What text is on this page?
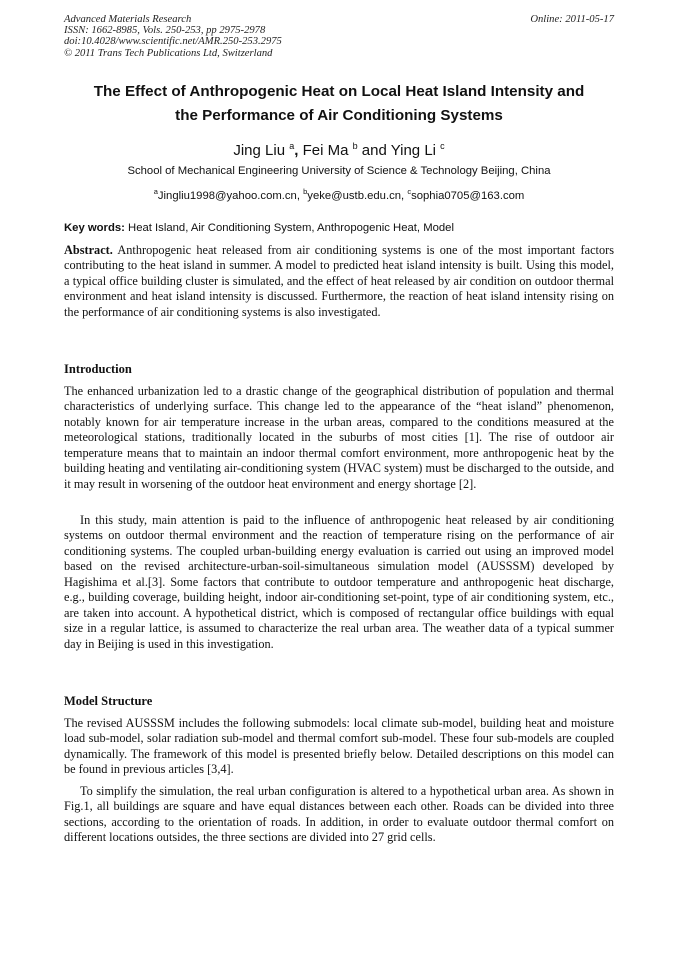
Advanced Materials Research
ISSN: 1662-8985, Vols. 250-253, pp 2975-2978
doi:10.4028/www.scientific.net/AMR.250-253.2975
© 2011 Trans Tech Publications Ltd, Switzerland
Online: 2011-05-17
The Effect of Anthropogenic Heat on Local Heat Island Intensity and
the Performance of Air Conditioning Systems
Jing Liu $^a$, Fei Ma $^b$ and Ying Li $^c$
School of Mechanical Engineering University of Science & Technology Beijing, China
$^a$Jingliu1998@yahoo.com.cn, $^b$yeke@ustb.edu.cn, $^c$sophia0705@163.com
Key words: Heat Island, Air Conditioning System, Anthropogenic Heat, Model

Abstract. Anthropogenic heat released from air conditioning systems is one of the most important factors contributing to the heat island in summer. A model to predicted heat island intensity is built. Using this model, a typical office building cluster is simulated, and the effect of heat released by air condition on outdoor thermal environment and heat island intensity is discussed. Furthermore, the reaction of heat island intensity rising on the performance of air conditioning systems is also investigated.

Introduction

The enhanced urbanization led to a drastic change of the geographical distribution of population and thermal characteristics of underlying surface. This change led to the appearance of the “heat island” phenomenon, notably known for air temperature increase in the urban areas, compared to the conditions measured at the meteorological stations, traditionally located in the suburbs of most cities [1]. The rise of outdoor air temperature means that to maintain an indoor thermal comfort environment, more anthropogenic heat by the building heating and ventilating air-conditioning system (HVAC system) must be discharged to the outside, and it may result in worsening of the outdoor heat environment and energy shortage [2].

In this study, main attention is paid to the influence of anthropogenic heat released by air conditioning systems on outdoor thermal environment and the reaction of temperature rising on the performance of air conditioning systems. The coupled urban-building energy evaluation is carried out using an improved model based on the revised architecture-urban-soil-simultaneous simulation model (AUSSSM) developed by Hagishima et al.[3]. Some factors that contribute to outdoor temperature and anthropogenic heat discharge, e.g., building coverage, building height, indoor air-conditioning set-point, type of air conditioning system, etc., are taken into account. A hypothetical district, which is composed of rectangular office buildings with equal size in a regular lattice, is assumed to characterize the real urban area. The weather data of a typical summer day in Beijing is used in this investigation.

Model Structure

The revised AUSSSM includes the following submodels: local climate sub-model, building heat and moisture load sub-model, solar radiation sub-model and thermal comfort sub-model. These four sub-models are coupled dynamically. The framework of this model is presented briefly below. Detailed descriptions on this model can be found in previous articles [3,4].

To simplify the simulation, the real urban configuration is altered to a hypothetical urban area. As shown in Fig.1, all buildings are square and have equal distances between each other. Roads can be divided into three sections, according to the orientation of roads. In addition, in order to evaluate outdoor thermal comfort on different locations outsides, the three sections are divided into 27 grid cells.
